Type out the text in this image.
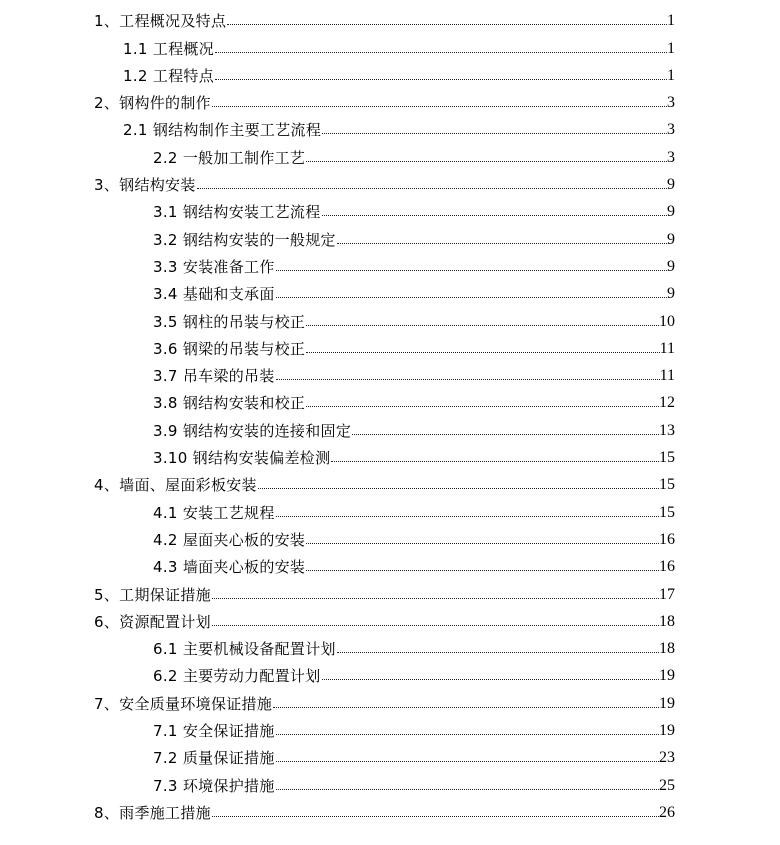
1、工程概况及特点	1
1.1 工程概况	1
1.2 工程特点	1
2、钢构件的制作	3
2.1 钢结构制作主要工艺流程	3
2.2 一般加工制作工艺	3
3、钢结构安装	9
3.1 钢结构安装工艺流程	9
3.2 钢结构安装的一般规定	9
3.3 安装准备工作	9
3.4 基础和支承面	9
3.5 钢柱的吊装与校正	10
3.6 钢梁的吊装与校正	11
3.7 吊车梁的吊装	11
3.8 钢结构安装和校正	12
3.9 钢结构安装的连接和固定	13
3.10 钢结构安装偏差检测	15
4、墙面、屋面彩板安装	15
4.1 安装工艺规程	15
4.2 屋面夹心板的安装	16
4.3 墙面夹心板的安装	16
5、工期保证措施	17
6、资源配置计划	18
6.1 主要机械设备配置计划	18
6.2 主要劳动力配置计划	19
7、安全质量环境保证措施	19
7.1 安全保证措施	19
7.2 质量保证措施	23
7.3 环境保护措施	25
8、雨季施工措施	26
